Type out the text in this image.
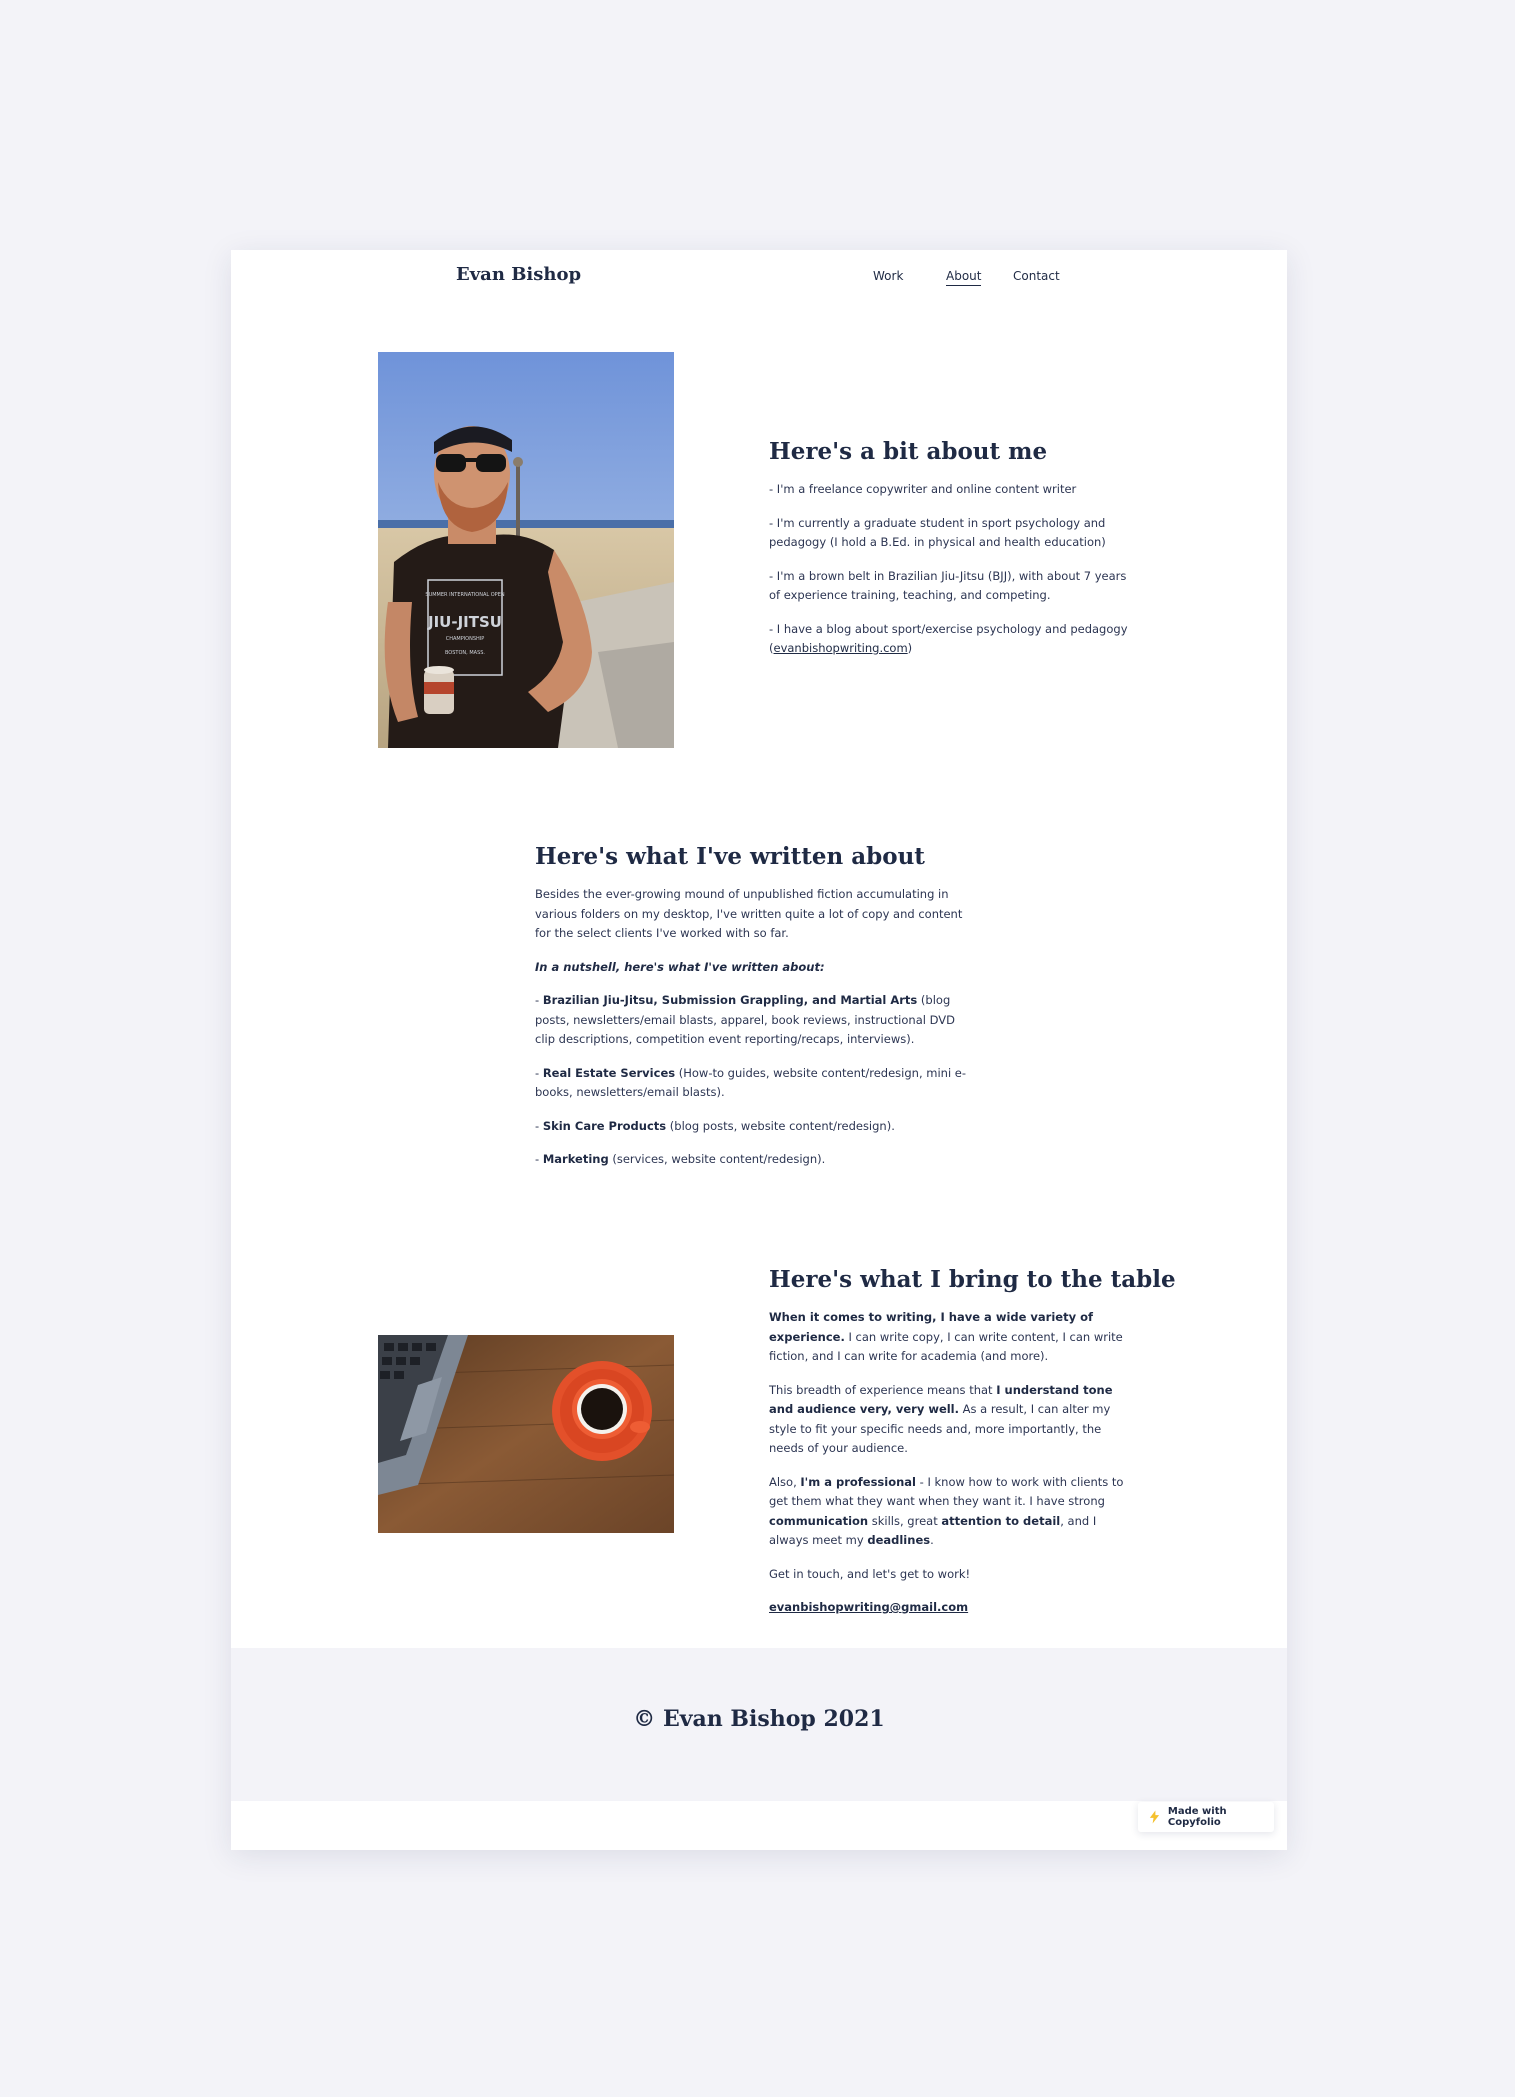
Evan Bishop	Work	About	Contact
SUMMER INTERNATIONAL OPEN
JIU-JITSU
CHAMPIONSHIP
BOSTON, MASS.
Here's a bit about me

- I'm a freelance copywriter and online content writer

- I'm currently a graduate student in sport psychology and pedagogy (I hold a B.Ed. in physical and health education)

- I'm a brown belt in Brazilian Jiu-Jitsu (BJJ), with about 7 years of experience training, teaching, and competing.

- I have a blog about sport/exercise psychology and pedagogy (evanbishopwriting.com)

Here's what I've written about

Besides the ever-growing mound of unpublished fiction accumulating in various folders on my desktop, I've written quite a lot of copy and content for the select clients I've worked with so far.

In a nutshell, here's what I've written about:

- Brazilian Jiu-Jitsu, Submission Grappling, and Martial Arts (blog posts, newsletters/email blasts, apparel, book reviews, instructional DVD clip descriptions, competition event reporting/recaps, interviews).

- Real Estate Services (How-to guides, website content/redesign, mini e-books, newsletters/email blasts).

- Skin Care Products (blog posts, website content/redesign).

- Marketing (services, website content/redesign).

Here's what I bring to the table

When it comes to writing, I have a wide variety of experience. I can write copy, I can write content, I can write fiction, and I can write for academia (and more).

This breadth of experience means that I understand tone and audience very, very well. As a result, I can alter my style to fit your specific needs and, more importantly, the needs of your audience.

Also, I'm a professional - I know how to work with clients to get them what they want when they want it. I have strong communication skills, great attention to detail, and I always meet my deadlines.

Get in touch, and let's get to work!

evanbishopwriting@gmail.com

© Evan Bishop 2021
Made with Copyfolio
